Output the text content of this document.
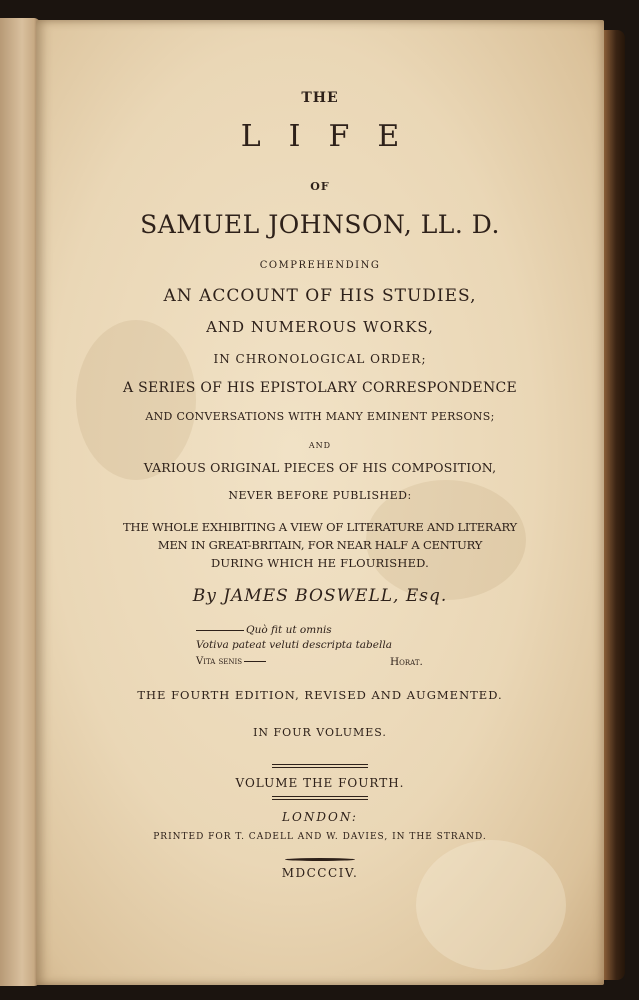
THE
LIFE
OF
SAMUEL JOHNSON, LL. D.
COMPREHENDING
AN ACCOUNT OF HIS STUDIES,
AND NUMEROUS WORKS,
IN CHRONOLOGICAL ORDER;
A SERIES OF HIS EPISTOLARY CORRESPONDENCE
AND CONVERSATIONS WITH MANY EMINENT PERSONS;
AND
VARIOUS ORIGINAL PIECES OF HIS COMPOSITION,
NEVER BEFORE PUBLISHED:
THE WHOLE EXHIBITING A VIEW OF LITERATURE AND LITERARY
MEN IN GREAT-BRITAIN, FOR NEAR HALF A CENTURY
DURING WHICH HE FLOURISHED.
By JAMES BOSWELL, Esq.
Quò fit ut omnis
Votiva pateat veluti descripta tabella
Vita senis	Horat.
THE FOURTH EDITION, REVISED AND AUGMENTED.
IN FOUR VOLUMES.
VOLUME THE FOURTH.
LONDON:
PRINTED FOR T. CADELL AND W. DAVIES, IN THE STRAND.
MDCCCIV.
